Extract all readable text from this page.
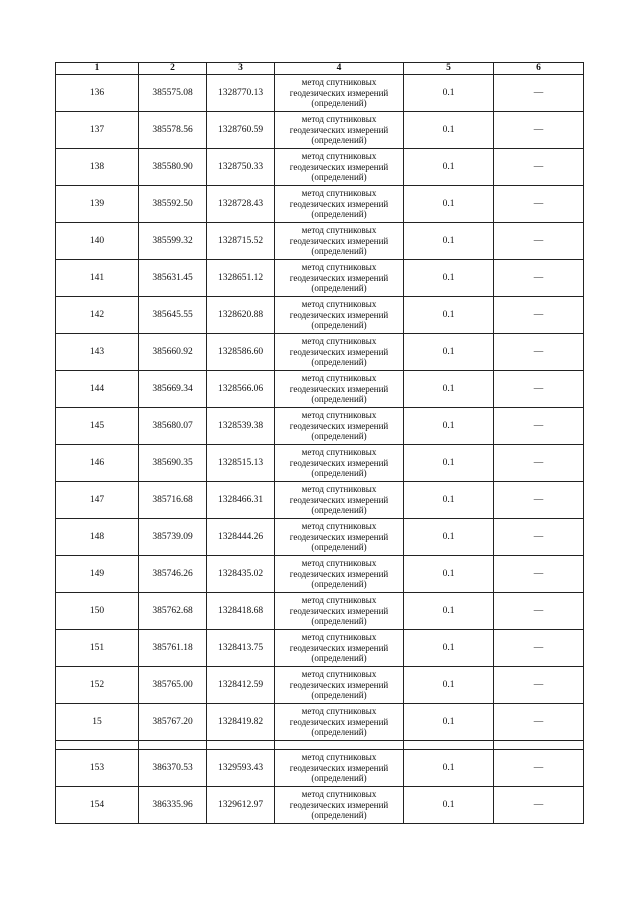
1	2	3	4	5	6
136	385575.08	1328770.13	метод спутниковых
геодезических измерений
(определений)	0.1	—
137	385578.56	1328760.59	метод спутниковых
геодезических измерений
(определений)	0.1	—
138	385580.90	1328750.33	метод спутниковых
геодезических измерений
(определений)	0.1	—
139	385592.50	1328728.43	метод спутниковых
геодезических измерений
(определений)	0.1	—
140	385599.32	1328715.52	метод спутниковых
геодезических измерений
(определений)	0.1	—
141	385631.45	1328651.12	метод спутниковых
геодезических измерений
(определений)	0.1	—
142	385645.55	1328620.88	метод спутниковых
геодезических измерений
(определений)	0.1	—
143	385660.92	1328586.60	метод спутниковых
геодезических измерений
(определений)	0.1	—
144	385669.34	1328566.06	метод спутниковых
геодезических измерений
(определений)	0.1	—
145	385680.07	1328539.38	метод спутниковых
геодезических измерений
(определений)	0.1	—
146	385690.35	1328515.13	метод спутниковых
геодезических измерений
(определений)	0.1	—
147	385716.68	1328466.31	метод спутниковых
геодезических измерений
(определений)	0.1	—
148	385739.09	1328444.26	метод спутниковых
геодезических измерений
(определений)	0.1	—
149	385746.26	1328435.02	метод спутниковых
геодезических измерений
(определений)	0.1	—
150	385762.68	1328418.68	метод спутниковых
геодезических измерений
(определений)	0.1	—
151	385761.18	1328413.75	метод спутниковых
геодезических измерений
(определений)	0.1	—
152	385765.00	1328412.59	метод спутниковых
геодезических измерений
(определений)	0.1	—
15	385767.20	1328419.82	метод спутниковых
геодезических измерений
(определений)	0.1	—

153	386370.53	1329593.43	метод спутниковых
геодезических измерений
(определений)	0.1	—
154	386335.96	1329612.97	метод спутниковых
геодезических измерений
(определений)	0.1	—
